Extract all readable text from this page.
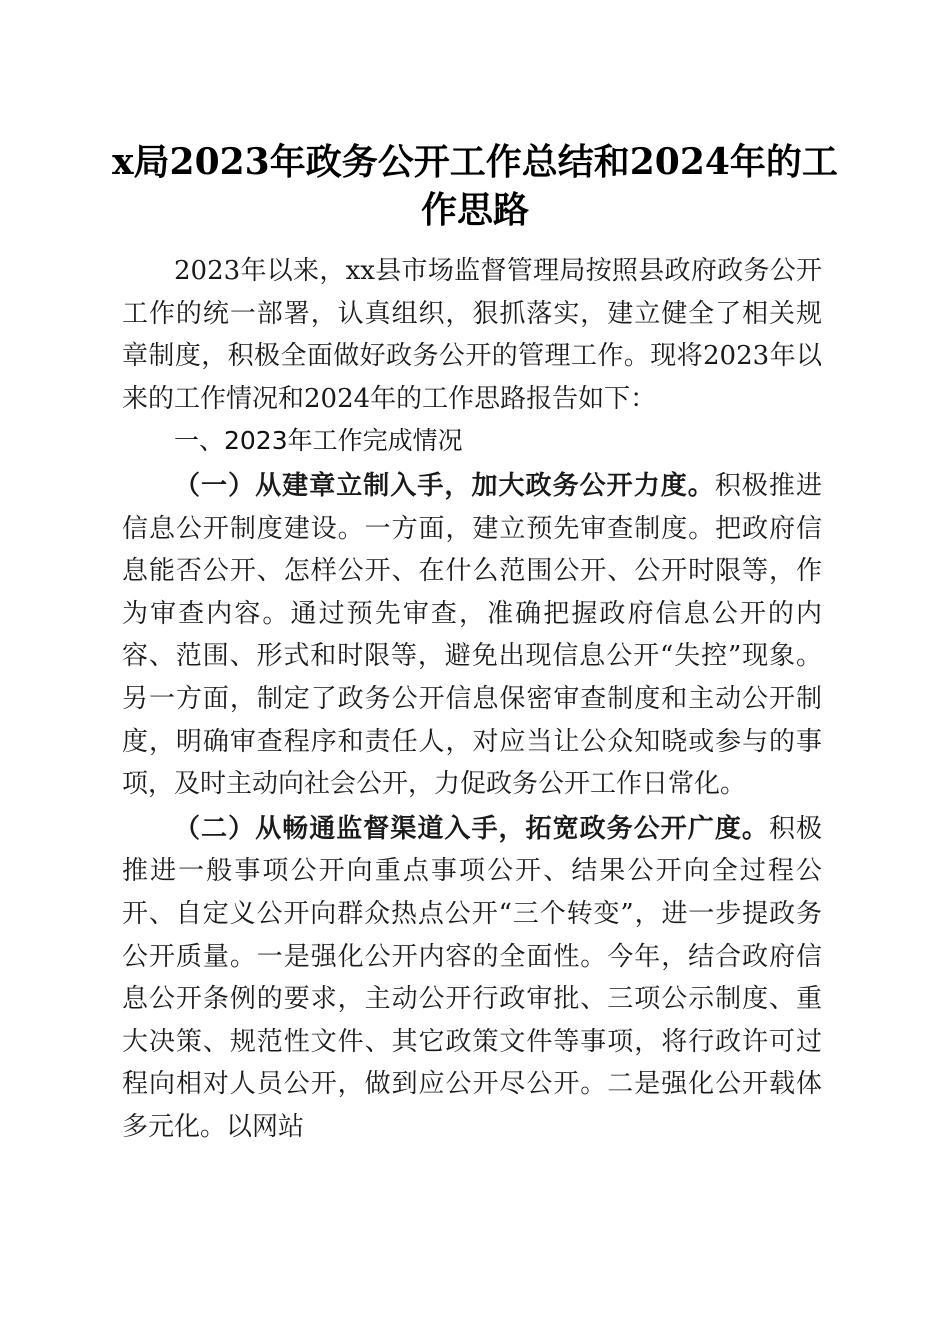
x局2023年政务公开工作总结和2024年的工作思路

2023年以来，xx县市场监督管理局按照县政府政务公开工作的统一部署，认真组织，狠抓落实，建立健全了相关规章制度，积极全面做好政务公开的管理工作。现将2023年以来的工作情况和2024年的工作思路报告如下：

一、2023年工作完成情况

（一）从建章立制入手，加大政务公开力度。积极推进信息公开制度建设。一方面，建立预先审查制度。把政府信息能否公开、怎样公开、在什么范围公开、公开时限等，作为审查内容。通过预先审查，准确把握政府信息公开的内容、范围、形式和时限等，避免出现信息公开“失控”现象。另一方面，制定了政务公开信息保密审查制度和主动公开制度，明确审查程序和责任人，对应当让公众知晓或参与的事项，及时主动向社会公开，力促政务公开工作日常化。

（二）从畅通监督渠道入手，拓宽政务公开广度。积极推进一般事项公开向重点事项公开、结果公开向全过程公开、自定义公开向群众热点公开“三个转变”，进一步提政务公开质量。一是强化公开内容的全面性。今年，结合政府信息公开条例的要求，主动公开行政审批、三项公示制度、重大决策、规范性文件、其它政策文件等事项，将行政许可过程向相对人员公开，做到应公开尽公开。二是强化公开载体多元化。以网站
